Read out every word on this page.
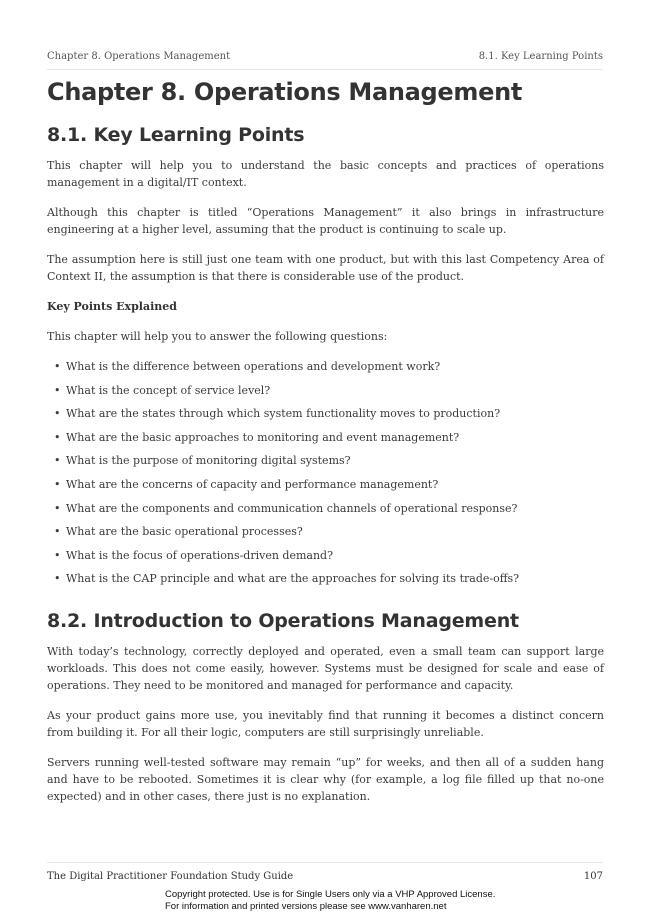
Chapter 8. Operations Management	8.1. Key Learning Points
Chapter 8. Operations Management
8.1. Key Learning Points

This chapter will help you to understand the basic concepts and practices of operations management in a digital/IT context.

Although this chapter is titled “Operations Management” it also brings in infrastructure engineering at a higher level, assuming that the product is continuing to scale up.

The assumption here is still just one team with one product, but with this last Competency Area of Context II, the assumption is that there is considerable use of the product.

Key Points Explained

This chapter will help you to answer the following questions:

• What is the difference between operations and development work?
• What is the concept of service level?
• What are the states through which system functionality moves to production?
• What are the basic approaches to monitoring and event management?
• What is the purpose of monitoring digital systems?
• What are the concerns of capacity and performance management?
• What are the components and communication channels of operational response?
• What are the basic operational processes?
• What is the focus of operations-driven demand?
• What is the CAP principle and what are the approaches for solving its trade-offs?
8.2. Introduction to Operations Management

With today’s technology, correctly deployed and operated, even a small team can support large workloads. This does not come easily, however. Systems must be designed for scale and ease of operations. They need to be monitored and managed for performance and capacity.

As your product gains more use, you inevitably find that running it becomes a distinct concern from building it. For all their logic, computers are still surprisingly unreliable.

Servers running well-tested software may remain “up” for weeks, and then all of a sudden hang and have to be rebooted. Sometimes it is clear why (for example, a log file filled up that no-one expected) and in other cases, there just is no explanation.

The Digital Practitioner Foundation Study Guide	107
Copyright protected. Use is for Single Users only via a VHP Approved License.
For information and printed versions please see www.vanharen.net
